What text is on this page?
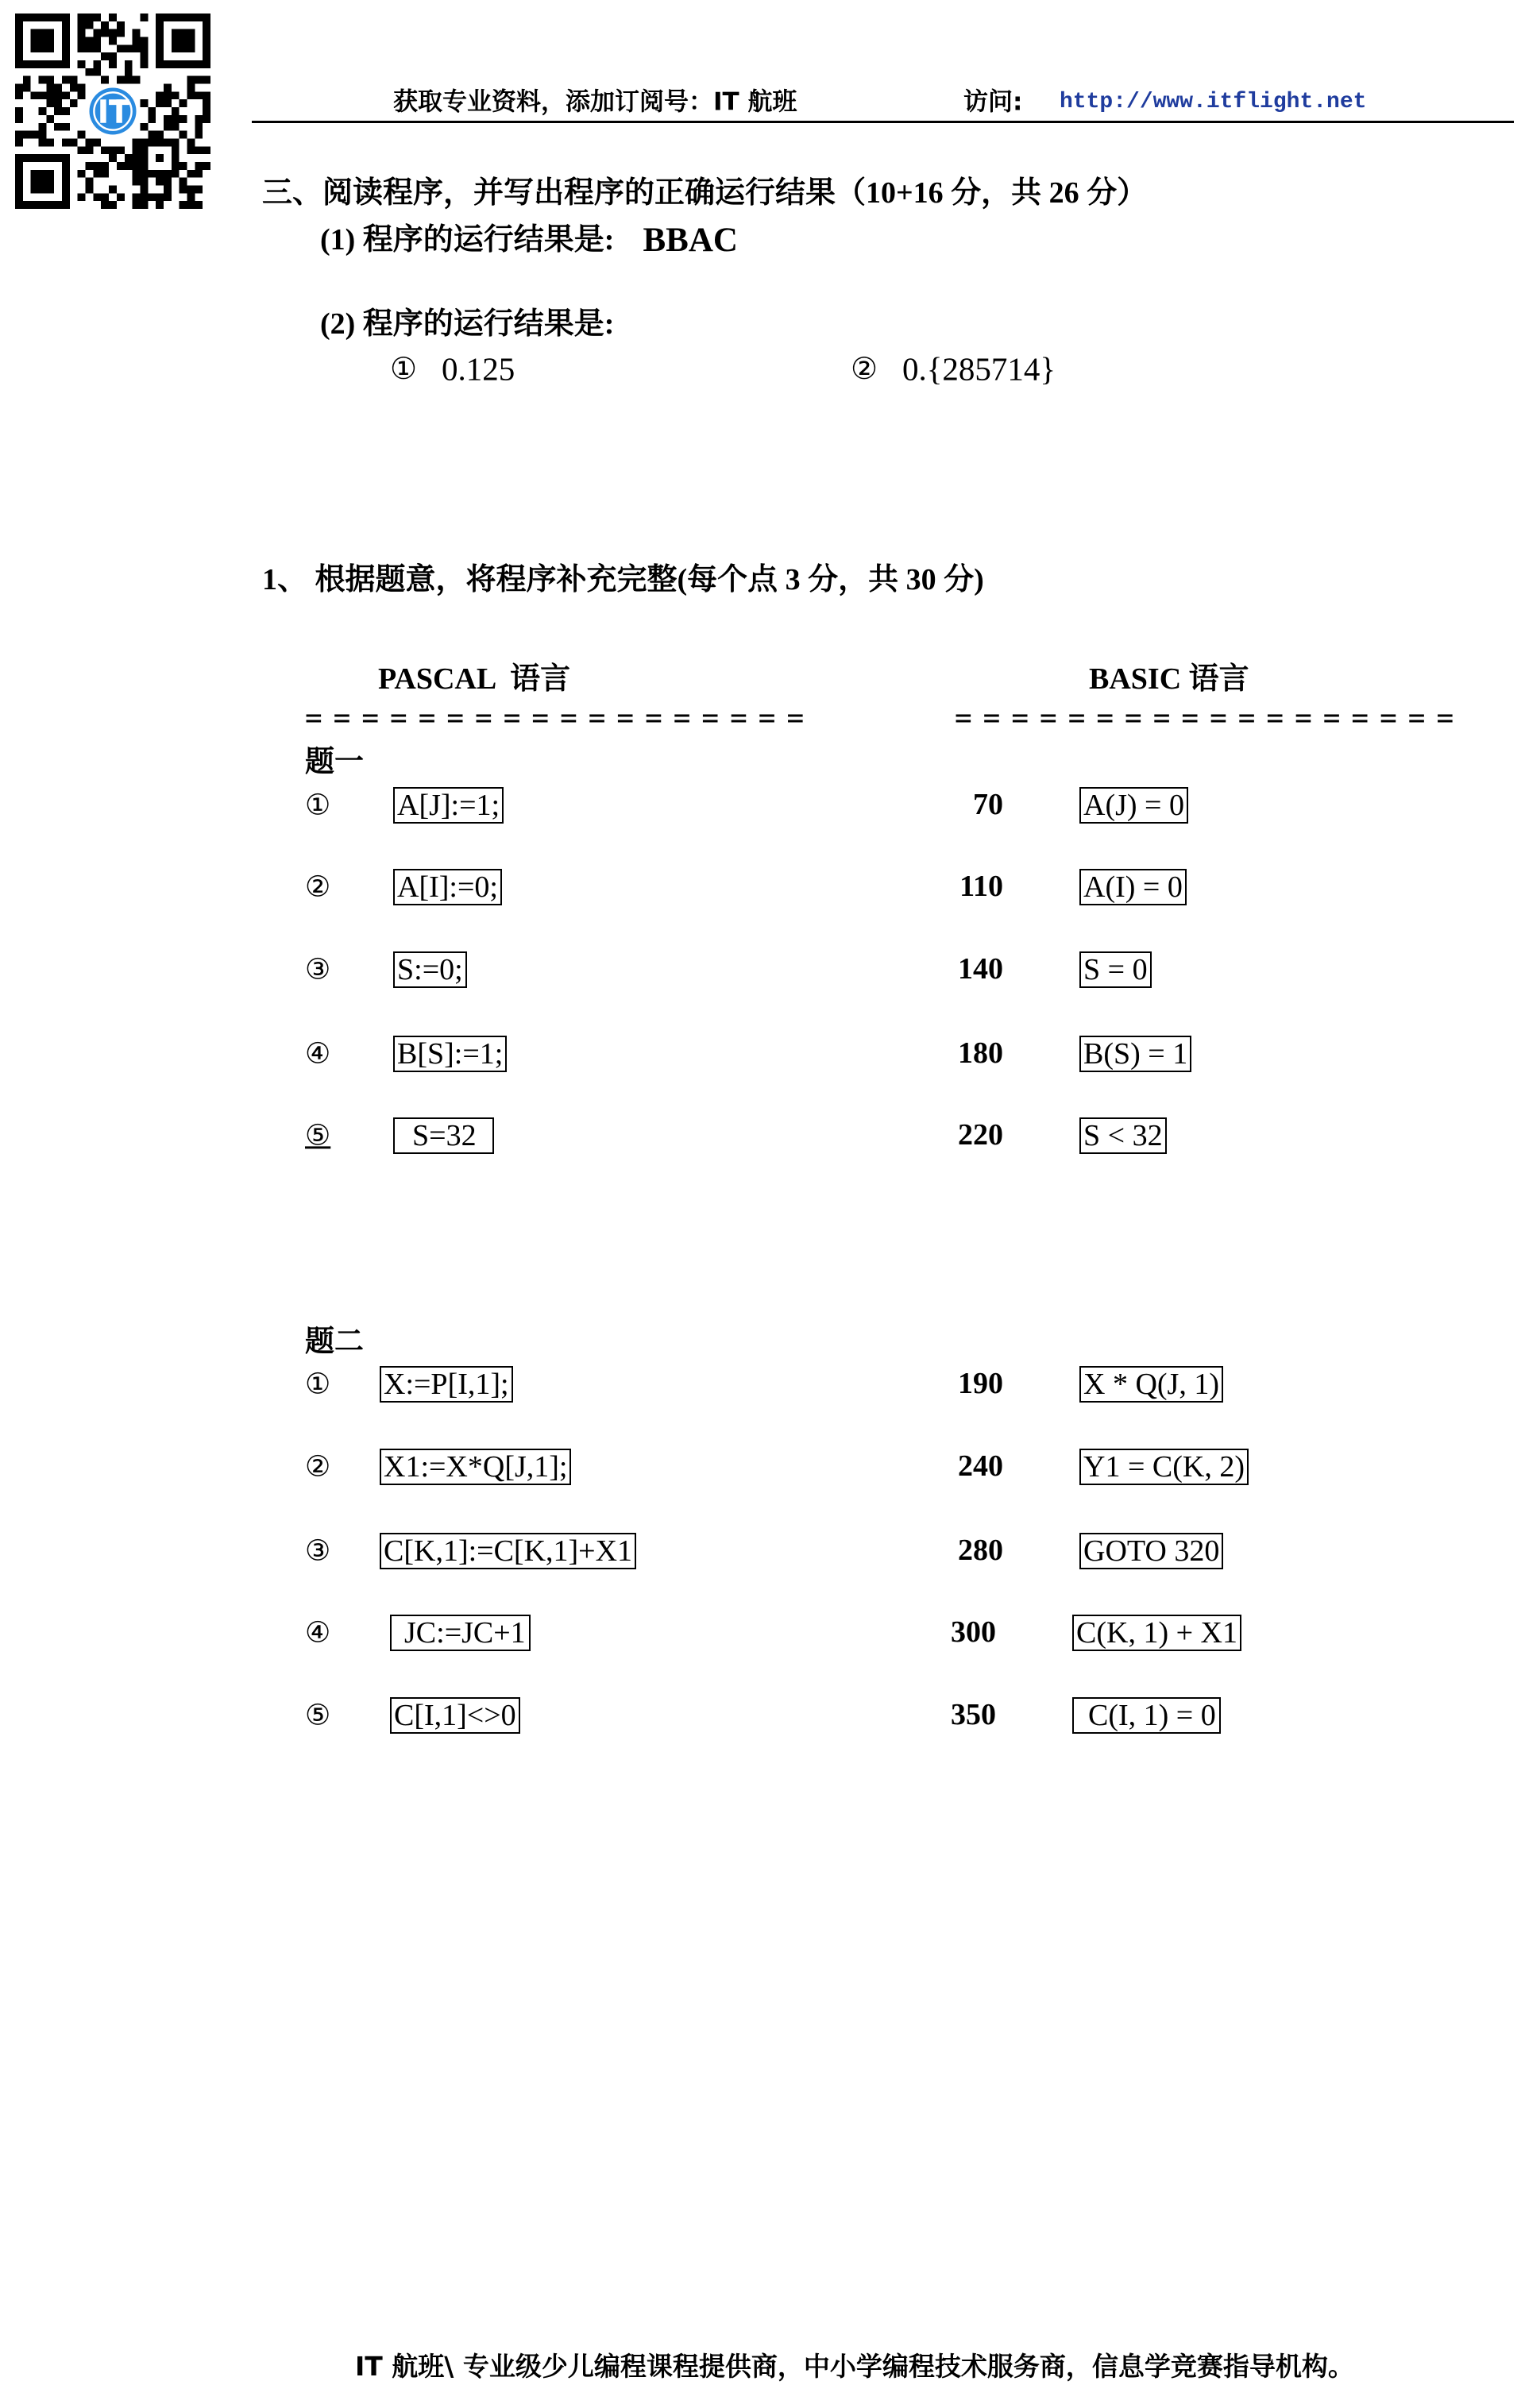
获取专业资料，添加订阅号：IT 航班	访问: http://www.itflight.net
三、阅读程序，并写出程序的正确运行结果（10+16 分，共 26 分）
(1) 程序的运行结果是: BBAC
(2) 程序的运行结果是:
① 0.125	② 0.{285714}
1、 根据题意，将程序补充完整(每个点 3 分，共 30 分)
PASCAL  语言	BASIC 语言
==================	==================
题一
① A[J]:=1;	70	A(J) = 0
② A[I]:=0;	110	A(I) = 0
③ S:=0;	140	S = 0
④ B[S]:=1;	180	B(S) = 1
⑤	S=32	220	S < 32
题二
① X:=P[I,1];	190	X * Q(J, 1)
② X1:=X*Q[J,1];	240	Y1 = C(K, 2)
③ C[K,1]:=C[K,1]+X1	280	GOTO 320
④	JC:=JC+1	300	C(K, 1) + X1
⑤ C[I,1]<>0	350	C(I, 1) = 0
IT 航班\ 专业级少儿编程课程提供商，中小学编程技术服务商，信息学竞赛指导机构。
